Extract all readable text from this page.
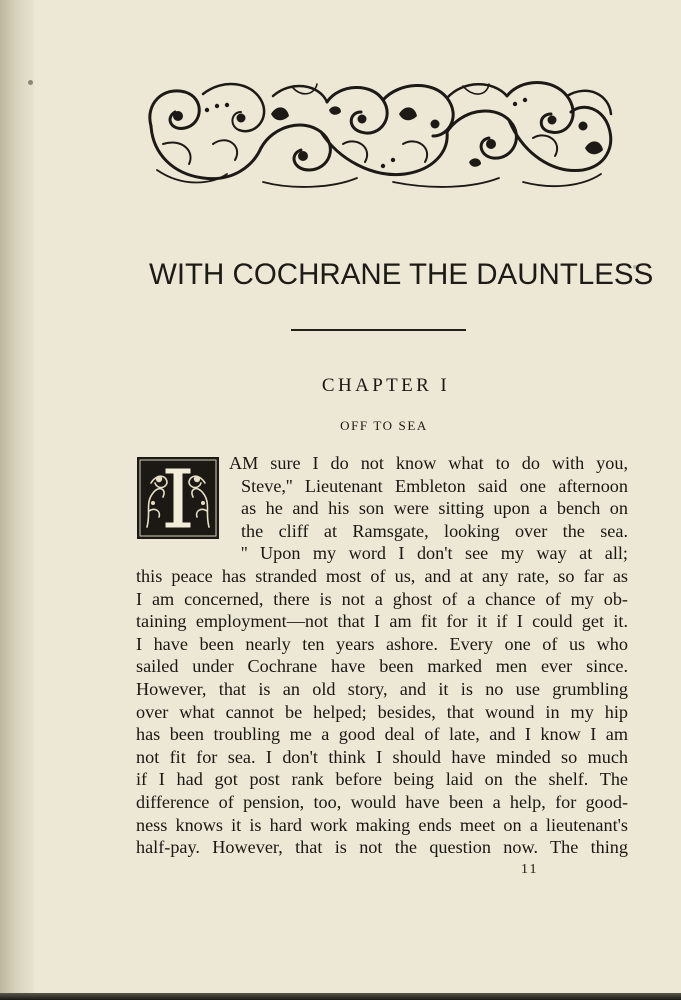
WITH COCHRANE THE DAUNTLESS
CHAPTER I
OFF TO SEA
AM sure I do not know what to do with you,
Steve,'' Lieutenant Embleton said one afternoon
as he and his son were sitting upon a bench on
the cliff at Ramsgate, looking over the sea.
'' Upon my word I don't see my way at all;
this peace has stranded most of us, and at any rate, so far as
I am concerned, there is not a ghost of a chance of my ob-
taining employment—not that I am fit for it if I could get it.
I have been nearly ten years ashore. Every one of us who
sailed under Cochrane have been marked men ever since.
However, that is an old story, and it is no use grumbling
over what cannot be helped; besides, that wound in my hip
has been troubling me a good deal of late, and I know I am
not fit for sea. I don't think I should have minded so much
if I had got post rank before being laid on the shelf. The
difference of pension, too, would have been a help, for good-
ness knows it is hard work making ends meet on a lieutenant's
half-pay. However, that is not the question now. The thing
11
